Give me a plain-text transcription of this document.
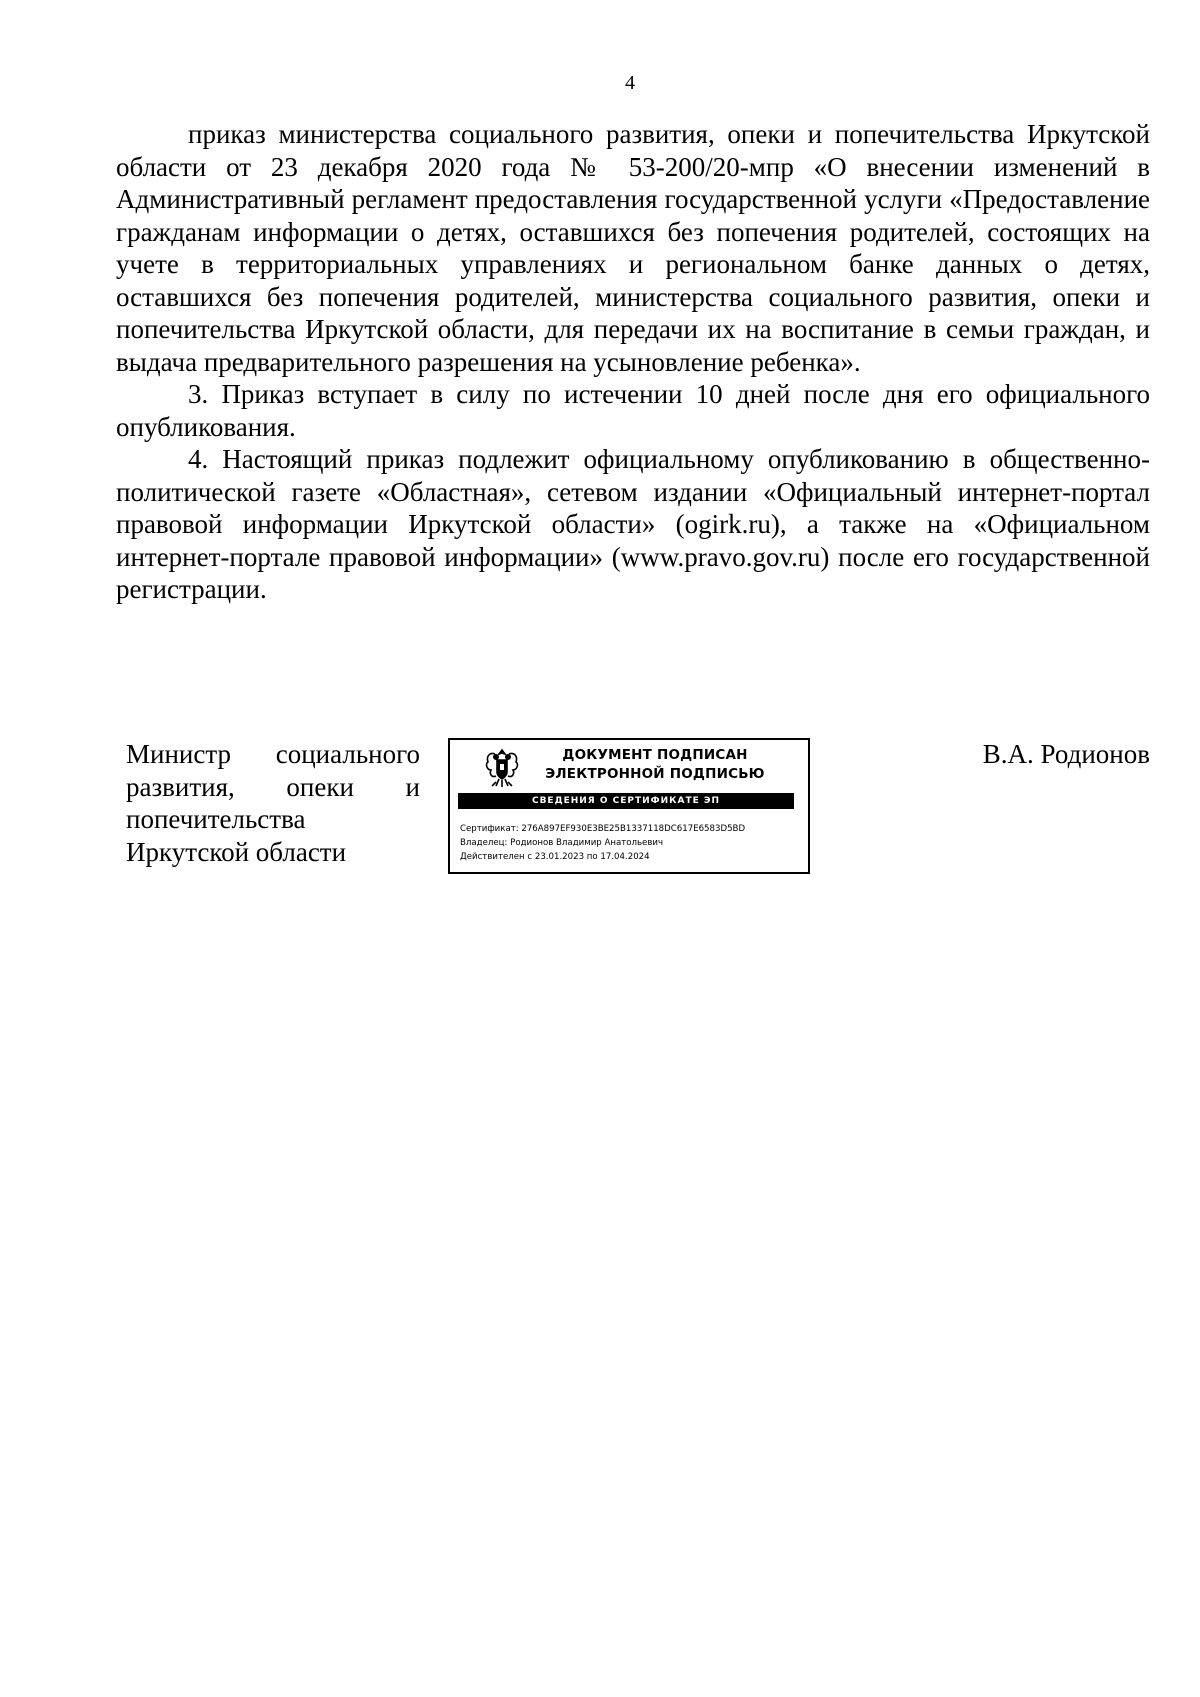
4

приказ министерства социального развития, опеки и попечительства Иркутской области от 23 декабря 2020 года № 53-200/20-мпр «О внесении изменений в Административный регламент предоставления государственной услуги «Предоставление гражданам информации о детях, оставшихся без попечения родителей, состоящих на учете в территориальных управлениях и региональном банке данных о детях, оставшихся без попечения родителей, министерства социального развития, опеки и попечительства Иркутской области, для передачи их на воспитание в семьи граждан, и выдача предварительного разрешения на усыновление ребенка».

3. Приказ вступает в силу по истечении 10 дней после дня его официального опубликования.

4. Настоящий приказ подлежит официальному опубликованию в общественно-политической газете «Областная», сетевом издании «Официальный интернет-портал правовой информации Иркутской области» (ogirk.ru), а также на «Официальном интернет-портале правовой информации» (www.pravo.gov.ru) после его государственной регистрации.

Министр социального
развития, опеки и
попечительства
Иркутской области
ДОКУМЕНТ ПОДПИСАН
ЭЛЕКТРОННОЙ ПОДПИСЬЮ
СВЕДЕНИЯ О СЕРТИФИКАТЕ ЭП
Сертификат: 276A897EF930E3BE25B1337118DC617E6583D5BD
Владелец: Родионов Владимир Анатольевич
Действителен с 23.01.2023 по 17.04.2024
В.А. Родионов
